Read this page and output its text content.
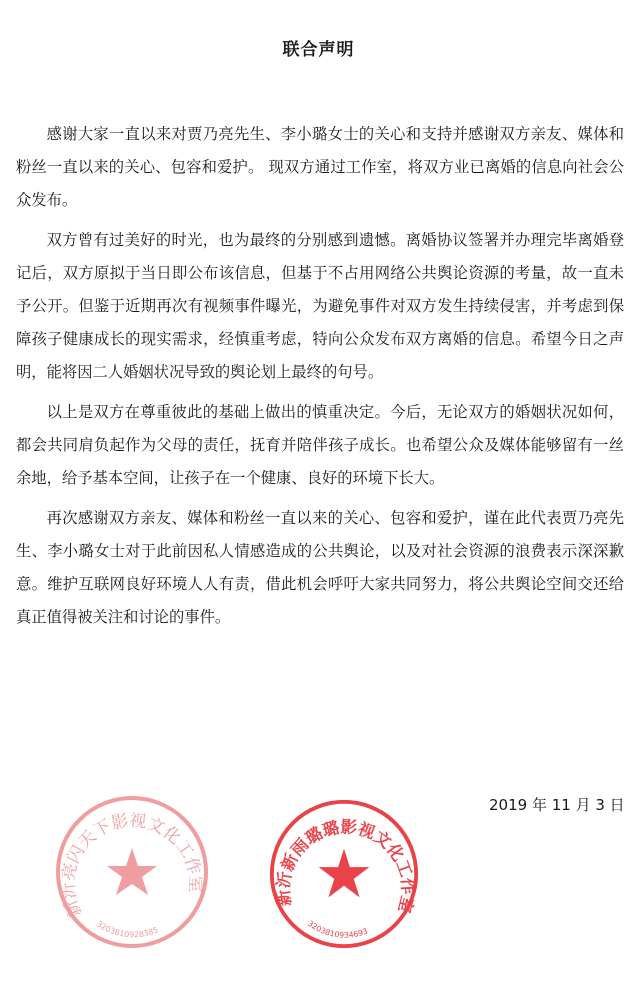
联合声明

感谢大家一直以来对贾乃亮先生、李小璐女士的关心和支持并感谢双方亲友、媒体和粉丝一直以来的关心、包容和爱护。 现双方通过工作室，将双方业已离婚的信息向社会公众发布。

双方曾有过美好的时光，也为最终的分别感到遗憾。离婚协议签署并办理完毕离婚登记后，双方原拟于当日即公布该信息，但基于不占用网络公共舆论资源的考量，故一直未予公开。但鉴于近期再次有视频事件曝光，为避免事件对双方发生持续侵害，并考虑到保障孩子健康成长的现实需求，经慎重考虑，特向公众发布双方离婚的信息。希望今日之声明，能将因二人婚姻状况导致的舆论划上最终的句号。

以上是双方在尊重彼此的基础上做出的慎重决定。今后，无论双方的婚姻状况如何，都会共同肩负起作为父母的责任，抚育并陪伴孩子成长。也希望公众及媒体能够留有一丝余地，给予基本空间，让孩子在一个健康、良好的环境下长大。

再次感谢双方亲友、媒体和粉丝一直以来的关心、包容和爱护，谨在此代表贾乃亮先生、李小璐女士对于此前因私人情感造成的公共舆论，以及对社会资源的浪费表示深深歉意。维护互联网良好环境人人有责，借此机会呼吁大家共同努力，将公共舆论空间交还给真正值得被关注和讨论的事件。

2019 年 11 月 3 日
新沂亮闪天下影视文化工作室
3203810928385
新沂新雨璐璐影视文化工作室
3203810934693
